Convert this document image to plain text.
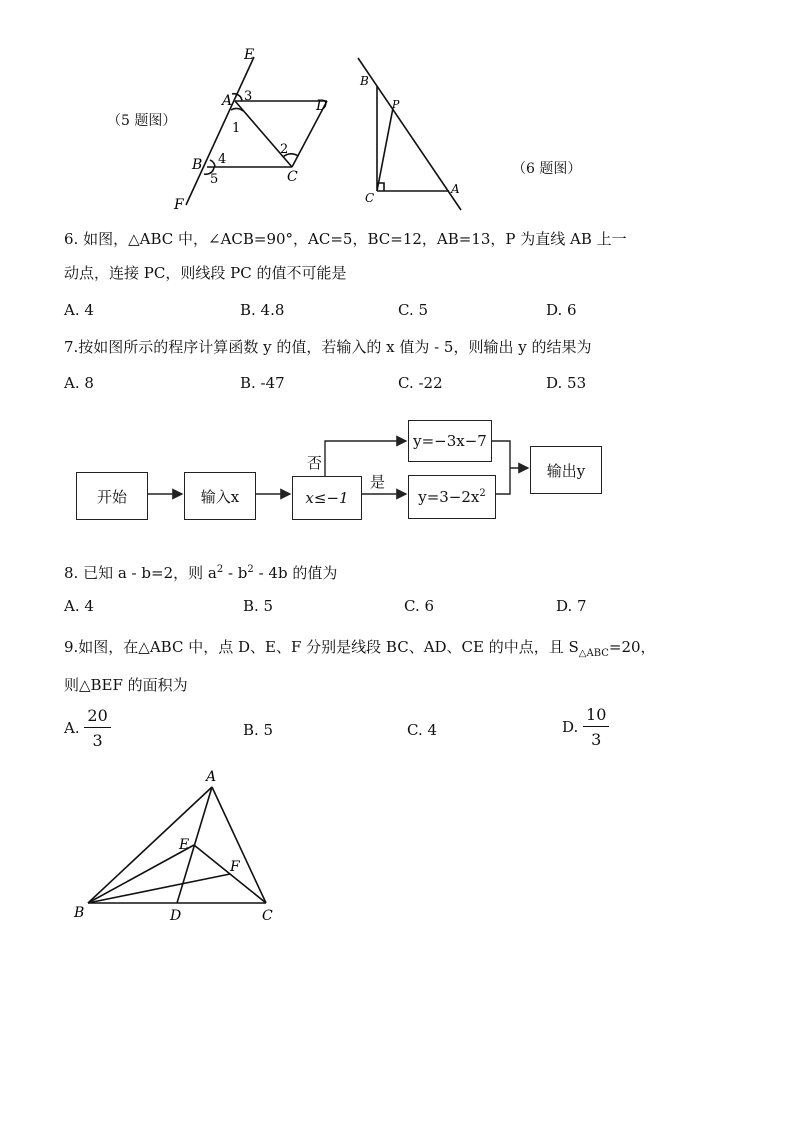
E
A 3
1
D
2
B 4
5	C
F
（5 题图）
B
P
C
A
（6 题图）
6. 如图，△ABC 中，∠ACB=90°，AC=5，BC=12，AB=13，P 为直线 AB 上一
动点，连接 PC，则线段 PC 的值不可能是
A. 4	B. 4.8	C. 5	D. 6
7.按如图所示的程序计算函数 y 的值，若输入的 x 值为 - 5，则输出 y 的结果为
A. 8	B. -47	C. -22	D. 53
开始	输入x	x≤−1
否
是
y=−3x−7
$y=3-2x^2$
输出y
8. 已知 a - b=2，则 $a^2 - b^2 - 4b$ 的值为
A. 4	B. 5	C. 6	D. 7
9.如图，在△ABC 中，点 D、E、F 分别是线段 BC、AD、CE 的中点，且 $S_{\triangle ABC}=20$，
则△BEF 的面积为
A. $\frac{20}{3}$	B. 5	C. 4	D. $\frac{10}{3}$
A
E
F
B	D	C
